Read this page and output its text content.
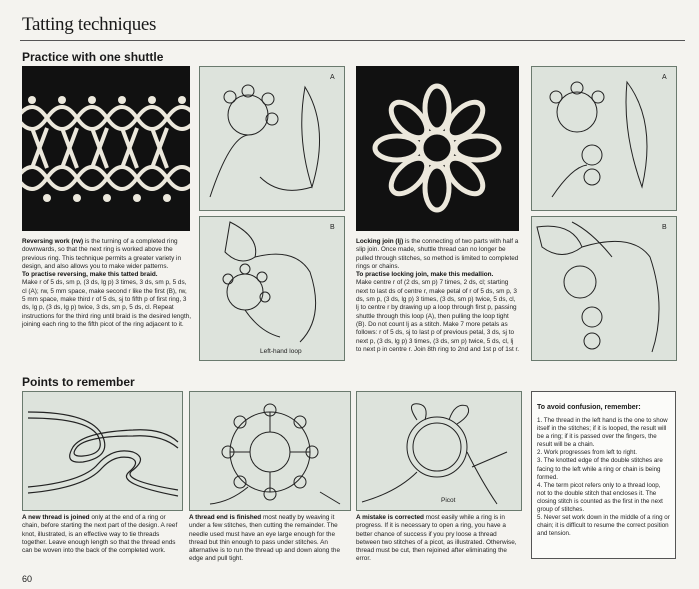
Tatting techniques
Practice with one shuttle
A
B
Left-hand loop
A
B
Reversing work (rw) is the turning of a completed ring downwards, so that the next ring is worked above the previous ring. This technique permits a greater variety in design, and also allows you to make wider patterns.
To practise reversing, make this tatted braid.
Make r of 5 ds, sm p, (3 ds, lg p) 3 times, 3 ds, sm p, 5 ds, cl (A); rw, 5 mm space, make second r like the first (B), rw, 5 mm space, make third r of 5 ds, sj to fifth p of first ring, 3 ds, lg p, (3 ds, lg p) twice, 3 ds, sm p, 5 ds, cl. Repeat instructions for the third ring until braid is the desired length, joining each ring to the fifth picot of the ring adjacent to it.
Locking join (lj) is the connecting of two parts with half a slip join. Once made, shuttle thread can no longer be pulled through stitches, so method is limited to completed rings or chains.
To practise locking join, make this medallion.
Make centre r of (2 ds, sm p) 7 times, 2 ds, cl; starting next to last ds of centre r, make petal of r of 5 ds, sm p, 3 ds, sm p, (3 ds, lg p) 3 times, (3 ds, sm p) twice, 5 ds, cl, lj to centre r by drawing up a loop through first p, passing shuttle through this loop (A), then pulling the loop tight (B). Do not count lj as a stitch. Make 7 more petals as follows: r of 5 ds, sj to last p of previous petal, 3 ds, sj to next p, (3 ds, lg p) 3 times, (3 ds, sm p) twice, 5 ds, cl, lj to next p in centre r. Join 8th ring to 2nd and 1st p of 1st r.
Points to remember
Picot
To avoid confusion, remember:
1. The thread in the left hand is the one to show itself in the stitches; if it is looped, the result will be a ring; if it is passed over the fingers, the result will be a chain.
2. Work progresses from left to right.
3. The knotted edge of the double stitches are facing to the left while a ring or chain is being formed.
4. The term picot refers only to a thread loop, not to the double stitch that encloses it. The closing stitch is counted as the first in the next group of stitches.
5. Never set work down in the middle of a ring or chain; it is difficult to resume the correct position and tension.
A new thread is joined only at the end of a ring or chain, before starting the next part of the design. A reef knot, illustrated, is an effective way to tie threads together. Leave enough length so that the thread ends can be woven into the back of the completed work.
A thread end is finished most neatly by weaving it under a few stitches, then cutting the remainder. The needle used must have an eye large enough for the thread but thin enough to pass under stitches. An alternative is to run the thread up and down along the edge and pull tight.
A mistake is corrected most easily while a ring is in progress. If it is necessary to open a ring, you have a better chance of success if you pry loose a thread between two stitches of a picot, as illustrated. Otherwise, thread must be cut, then rejoined after eliminating the error.
60
